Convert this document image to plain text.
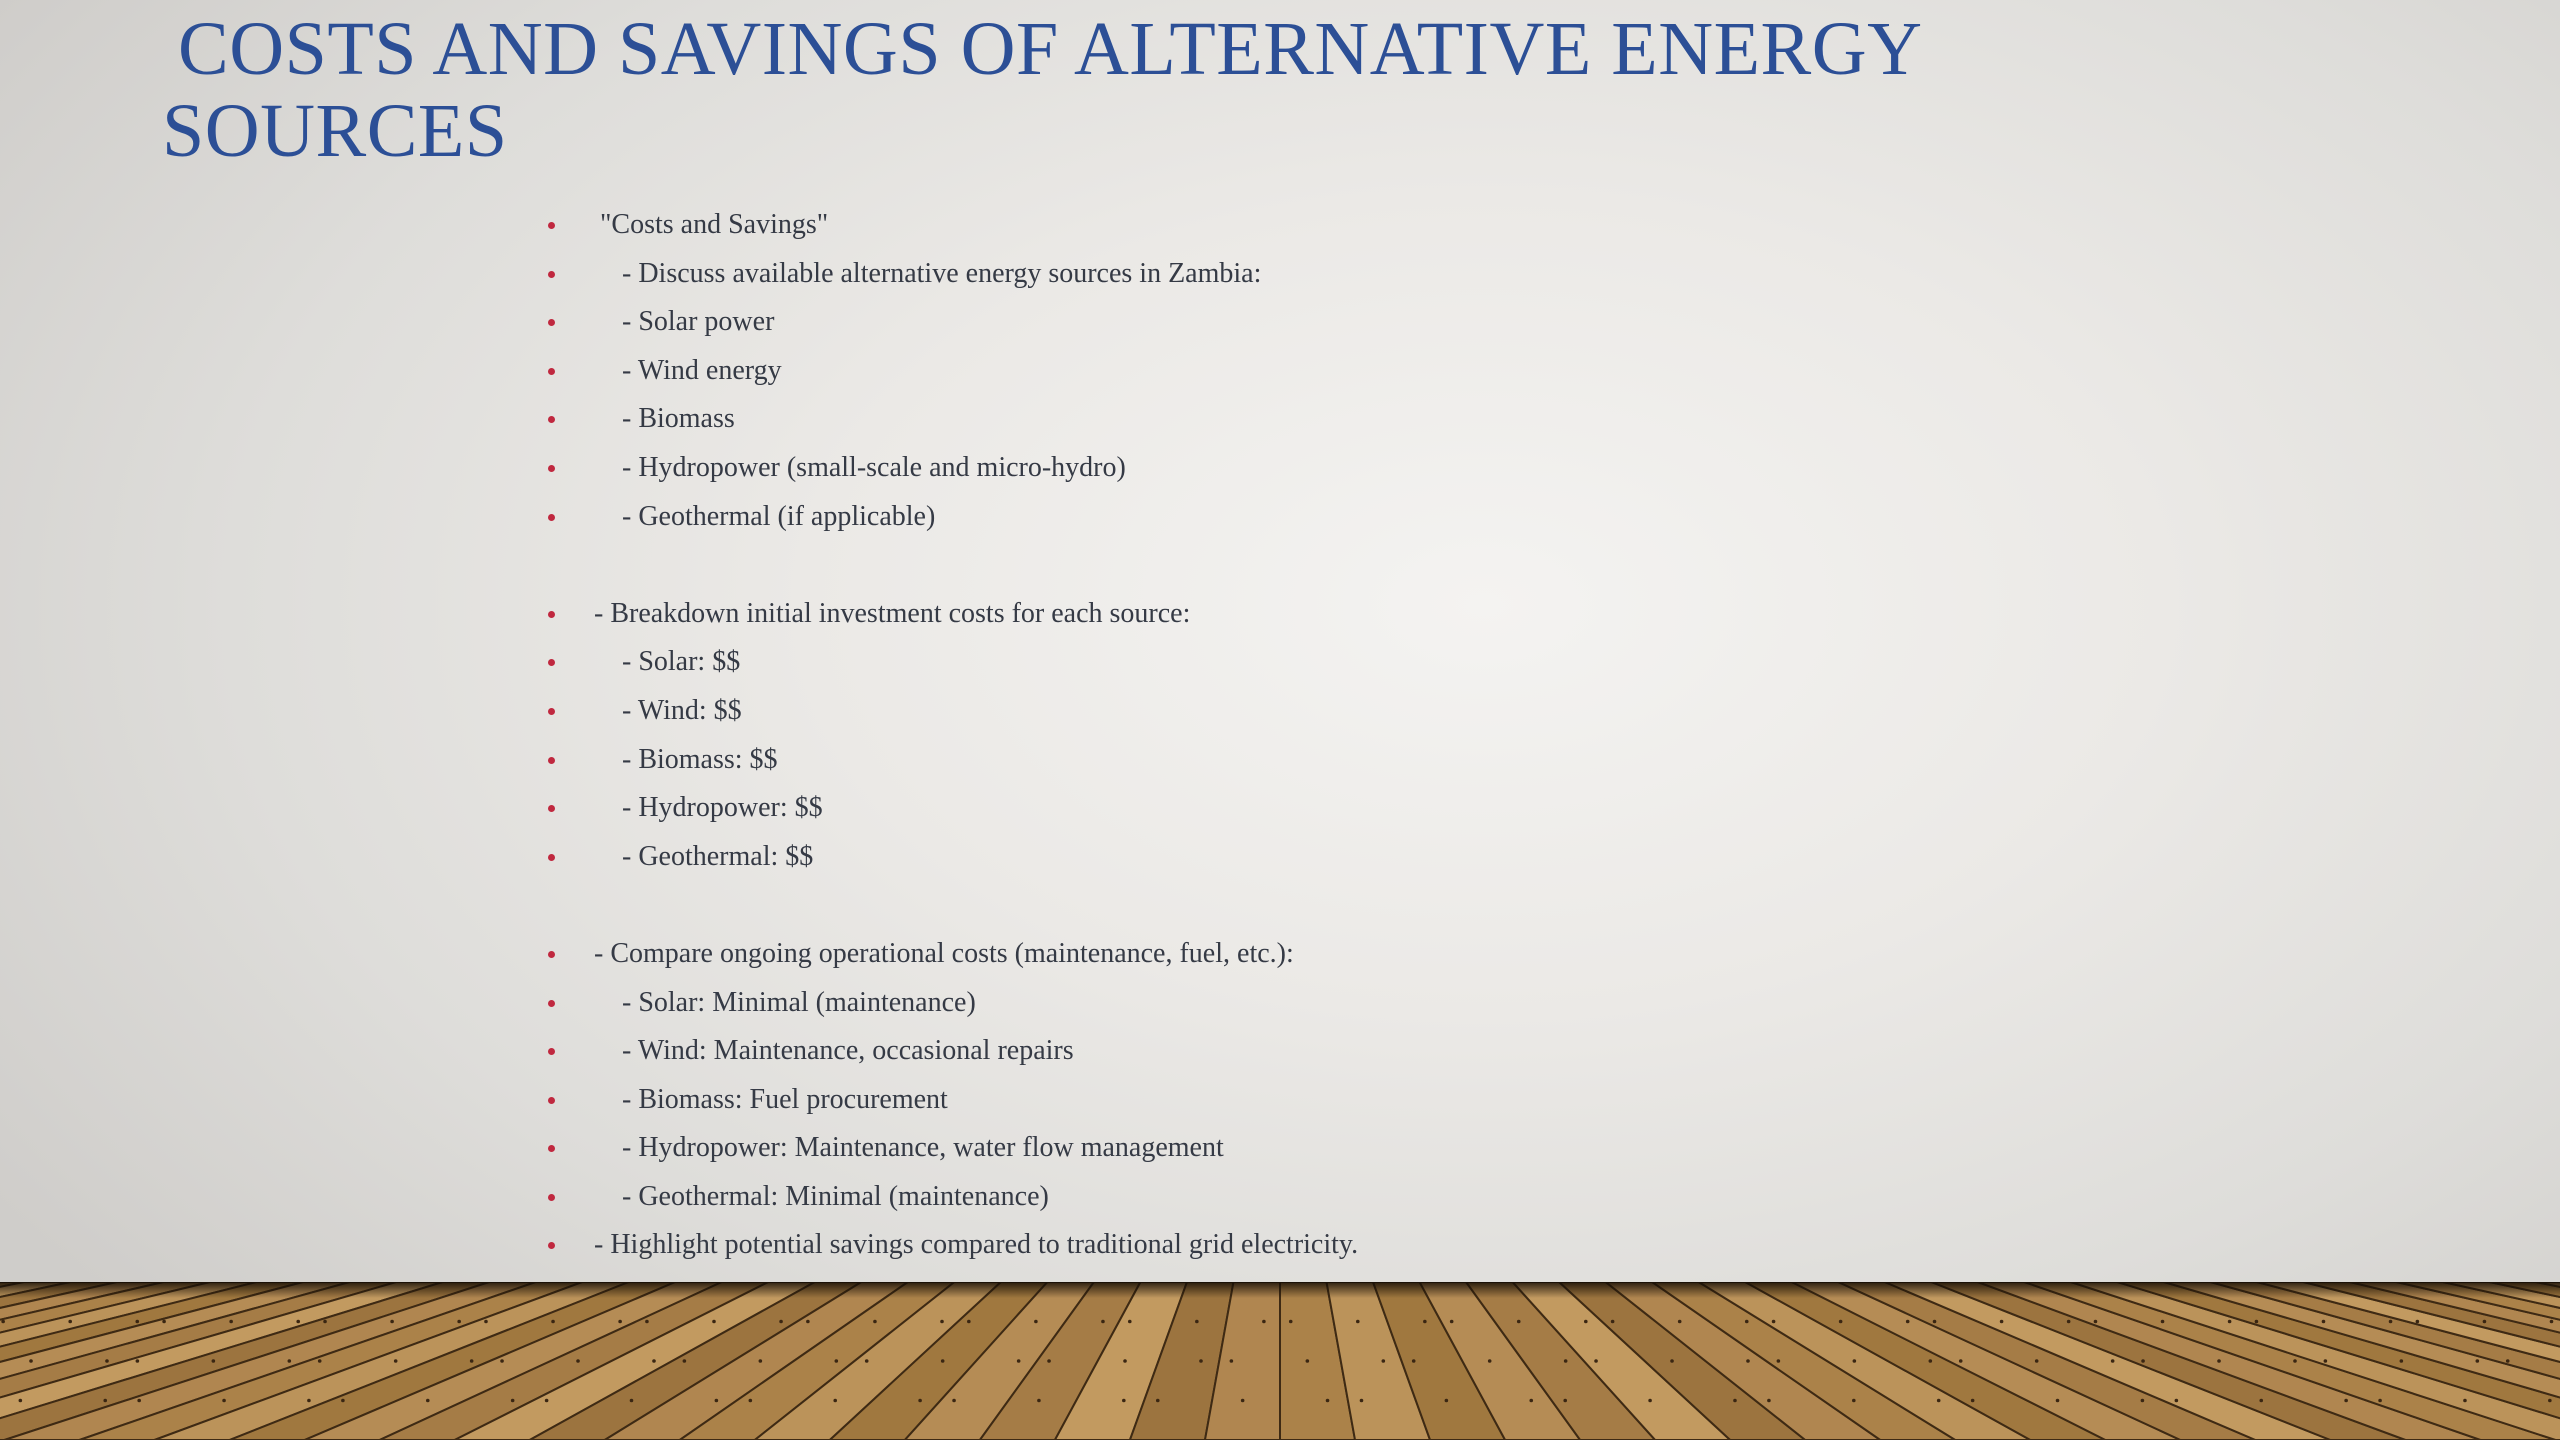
COSTS AND SAVINGS OF ALTERNATIVE ENERGY
SOURCES
"Costs and Savings"
- Discuss available alternative energy sources in Zambia:
- Solar power
- Wind energy
- Biomass
- Hydropower (small-scale and micro-hydro)
- Geothermal (if applicable)
- Breakdown initial investment costs for each source:
- Solar: $$
- Wind: $$
- Biomass: $$
- Hydropower: $$
- Geothermal: $$
- Compare ongoing operational costs (maintenance, fuel, etc.):
- Solar: Minimal (maintenance)
- Wind: Maintenance, occasional repairs
- Biomass: Fuel procurement
- Hydropower: Maintenance, water flow management
- Geothermal: Minimal (maintenance)
- Highlight potential savings compared to traditional grid electricity.
